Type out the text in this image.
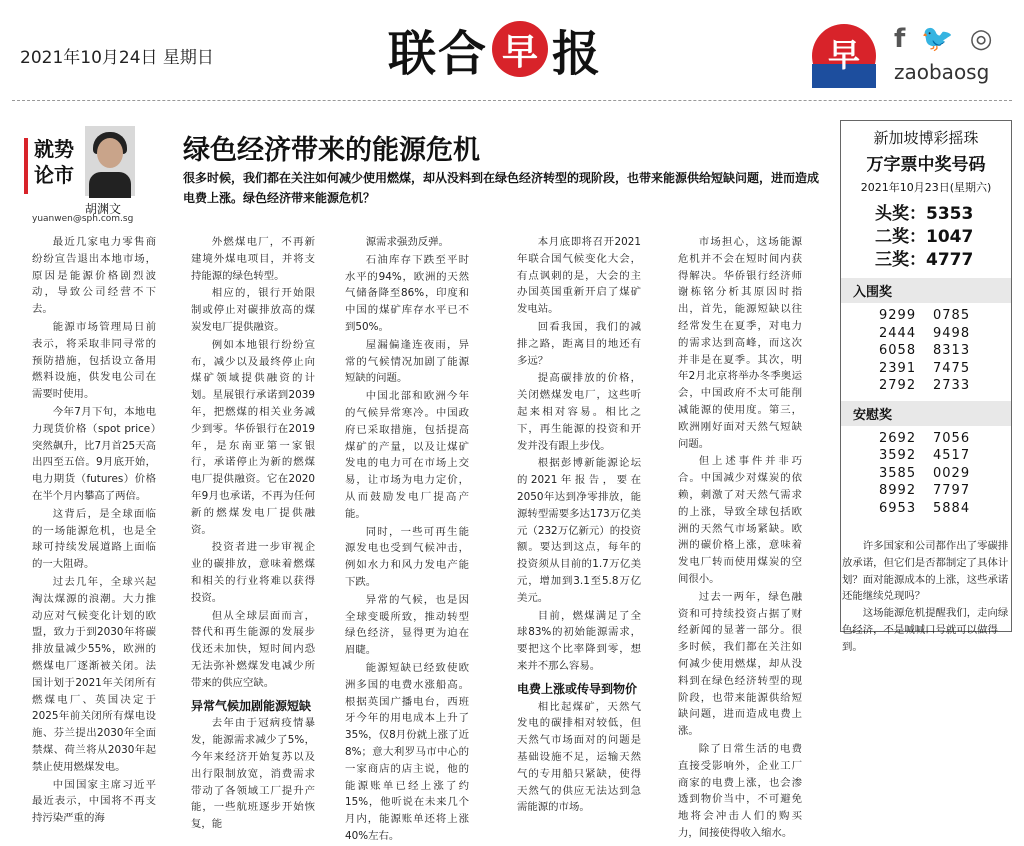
2021年10月24日 星期日	联 合 早 报	早	f 🐦 ◎
zaobaosg
就势论市
胡渊文
yuanwen@sph.com.sg
绿色经济带来的能源危机
很多时候，我们都在关注如何减少使用燃煤，却从没料到在绿色经济转型的现阶段，也带来能源供给短缺问题，进而造成电费上涨。绿色经济带来能源危机？

最近几家电力零售商纷纷宣告退出本地市场，原因是能源价格剧烈波动，导致公司经营不下去。

能源市场管理局日前表示，将采取非同寻常的预防措施，包括设立备用燃料设施，供发电公司在需要时使用。

今年7月下旬，本地电力现货价格（spot price）突然飙升，比7月首25天高出四至五倍。9月底开始，电力期货（futures）价格在半个月内攀高了两倍。

这背后，是全球面临的一场能源危机，也是全球可持续发展道路上面临的一大阻碍。

过去几年，全球兴起淘汰煤源的浪潮。大力推动应对气候变化计划的欧盟，致力于到2030年将碳排放量减少55%，欧洲的燃煤电厂逐渐被关闭。法国计划于2021年关闭所有燃煤电厂、英国决定于2025年前关闭所有煤电设施、芬兰提出2030年全面禁煤、荷兰将从2030年起禁止使用燃煤发电。

中国国家主席习近平最近表示，中国将不再支持污染严重的海

外燃煤电厂，不再新建境外煤电项目，并将支持能源的绿色转型。

相应的，银行开始限制或停止对碳排放高的煤炭发电厂提供融资。

例如本地银行纷纷宣布，减少以及最终停止向煤矿领域提供融资的计划。星展银行承诺到2039年，把燃煤的相关业务减少到零。华侨银行在2019年，是东南亚第一家银行，承诺停止为新的燃煤电厂提供融资。它在2020年9月也承诺，不再为任何新的燃煤发电厂提供融资。

投资者进一步审视企业的碳排放，意味着燃煤和相关的行业将难以获得投资。

但从全球层面而言，替代和再生能源的发展步伐还未加快，短时间内恐无法弥补燃煤发电减少所带来的供应空缺。

异常气候加剧能源短缺

去年由于冠病疫情暴发，能源需求减少了5%，今年来经济开始复苏以及出行限制放宽，消费需求带动了各领域工厂提升产能，一些航班逐步开始恢复，能

源需求强劲反弹。

石油库存下跌至平时水平的94%，欧洲的天然气储备降至86%，印度和中国的煤矿库存水平已不到50%。

屋漏偏逢连夜雨，异常的气候情况加剧了能源短缺的问题。

中国北部和欧洲今年的气候异常寒冷。中国政府已采取措施，包括提高煤矿的产量，以及让煤矿发电的电力可在市场上交易，让市场为电力定价，从而鼓励发电厂提高产能。

同时，一些可再生能源发电也受到气候冲击，例如水力和风力发电产能下跌。

异常的气候，也是因全球变暖所致，推动转型绿色经济，显得更为迫在眉睫。

能源短缺已经致使欧洲多国的电费水涨船高。根据英国广播电台，西班牙今年的用电成本上升了35%，仅8月份就上涨了近8%；意大利罗马市中心的一家商店的店主说，他的能源账单已经上涨了约15%，他听说在未来几个月内，能源账单还将上涨40%左右。

本月底即将召开2021年联合国气候变化大会，有点讽刺的是，大会的主办国英国重新开启了煤矿发电站。

回看我国，我们的减排之路，距离目的地还有多远？

提高碳排放的价格，关闭燃煤发电厂，这些听起来相对容易。相比之下，再生能源的投资和开发并没有跟上步伐。

根据彭博新能源论坛的2021年报告，要在2050年达到净零排放，能源转型需要多达173万亿美元（232万亿新元）的投资额。要达到这点，每年的投资须从目前的1.7万亿美元，增加到3.1至5.8万亿美元。

目前，燃煤满足了全球83%的初始能源需求，要把这个比率降到零，想来并不那么容易。

电费上涨或传导到物价

相比起煤矿，天然气发电的碳排相对较低，但天然气市场面对的问题是基础设施不足，运输天然气的专用船只紧缺，使得天然气的供应无法达到急需能源的市场。

市场担心，这场能源危机并不会在短时间内获得解决。华侨银行经济师谢栋铭分析其原因时指出，首先，能源短缺以往经常发生在夏季，对电力的需求达到高峰，而这次并非是在夏季。其次，明年2月北京将举办冬季奥运会，中国政府不太可能削减能源的使用度。第三，欧洲刚好面对天然气短缺问题。

但上述事件并非巧合。中国减少对煤炭的依赖，刺激了对天然气需求的上涨，导致全球包括欧洲的天然气市场紧缺。欧洲的碳价格上涨，意味着发电厂转而使用煤炭的空间很小。

过去一两年，绿色融资和可持续投资占据了财经新闻的显著一部分。很多时候，我们都在关注如何减少使用燃煤，却从没料到在绿色经济转型的现阶段，也带来能源供给短缺问题，进而造成电费上涨。

除了日常生活的电费直接受影响外，企业工厂商家的电费上涨，也会渗透到物价当中，不可避免地将会冲击人们的购买力，间接使得收入缩水。

新加坡博彩摇珠
万字票中奖号码
2021年10月23日(星期六)
头奖：5353
二奖：1047
三奖：4777
入围奖
9299 0785
2444 9498
6058 8313
2391 7475
2792 2733
安慰奖
2692 7056
3592 4517
3585 0029
8992 7797
6953 5884

许多国家和公司都作出了零碳排放承诺，但它们是否都制定了具体计划？面对能源成本的上涨，这些承诺还能继续兑现吗？

这场能源危机提醒我们，走向绿色经济，不是喊喊口号就可以做得到。
